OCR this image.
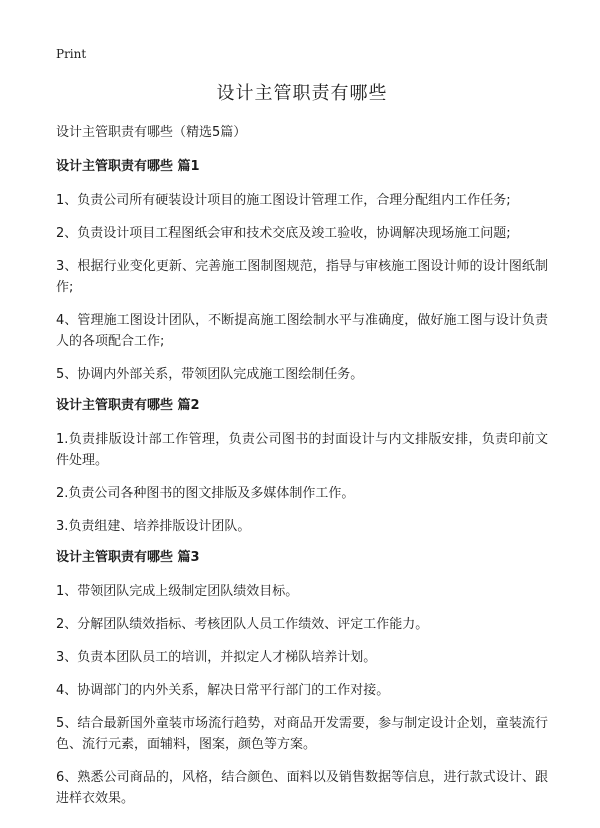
Print
设计主管职责有哪些

设计主管职责有哪些（精选5篇）

设计主管职责有哪些 篇1

1、负责公司所有硬装设计项目的施工图设计管理工作，合理分配组内工作任务;

2、负责设计项目工程图纸会审和技术交底及竣工验收，协调解决现场施工问题;

3、根据行业变化更新、完善施工图制图规范，指导与审核施工图设计师的设计图纸制作;

4、管理施工图设计团队，不断提高施工图绘制水平与准确度，做好施工图与设计负责人的各项配合工作;

5、协调内外部关系，带领团队完成施工图绘制任务。

设计主管职责有哪些 篇2

1.负责排版设计部工作管理，负责公司图书的封面设计与内文排版安排，负责印前文件处理。

2.负责公司各种图书的图文排版及多媒体制作工作。

3.负责组建、培养排版设计团队。

设计主管职责有哪些 篇3

1、带领团队完成上级制定团队绩效目标。

2、分解团队绩效指标、考核团队人员工作绩效、评定工作能力。

3、负责本团队员工的培训，并拟定人才梯队培养计划。

4、协调部门的内外关系，解决日常平行部门的工作对接。

5、结合最新国外童装市场流行趋势，对商品开发需要，参与制定设计企划，童装流行色、流行元素，面辅料，图案，颜色等方案。

6、熟悉公司商品的，风格，结合颜色、面料以及销售数据等信息，进行款式设计、跟进样衣效果。
